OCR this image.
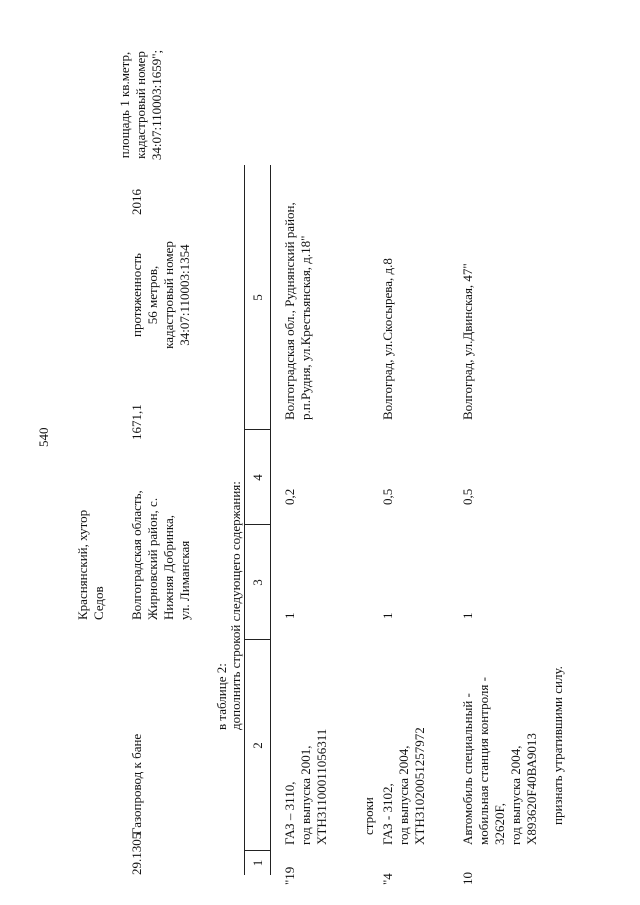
540
Краснянский, хутор Седов
площадь 1 кв.метр, кадастровый номер 34:07:110003:1659";
29.1305
Газопровод к бане
Волгоградская область, Жирновский район, с. Нижняя Добринка, ул. Лиманская
1671,1
протяженность 56 метров, кадастровый номер 34:07:110003:1354
2016
в таблице 2: дополнить строкой следующего содержания:
1
2
3
4
5
"19
ГАЗ – 3110, год выпуска 2001, ХТН31100011056311
1
0,2
Волгоградская обл., Руднянский район, р.п.Рудня, ул.Крестьянская, д.18"
строки
"4
ГАЗ - 3102, год выпуска 2004, ХТН31020051257972
1
0,5
Волгоград, ул.Скосырева, д.8
10
Автомобиль специальный - мобильная станция контроля - 32620F, год выпуска 2004, Х893620F40ВА9013
1
0,5
Волгоград, ул.Двинская, 47"
признать утратившими силу.
